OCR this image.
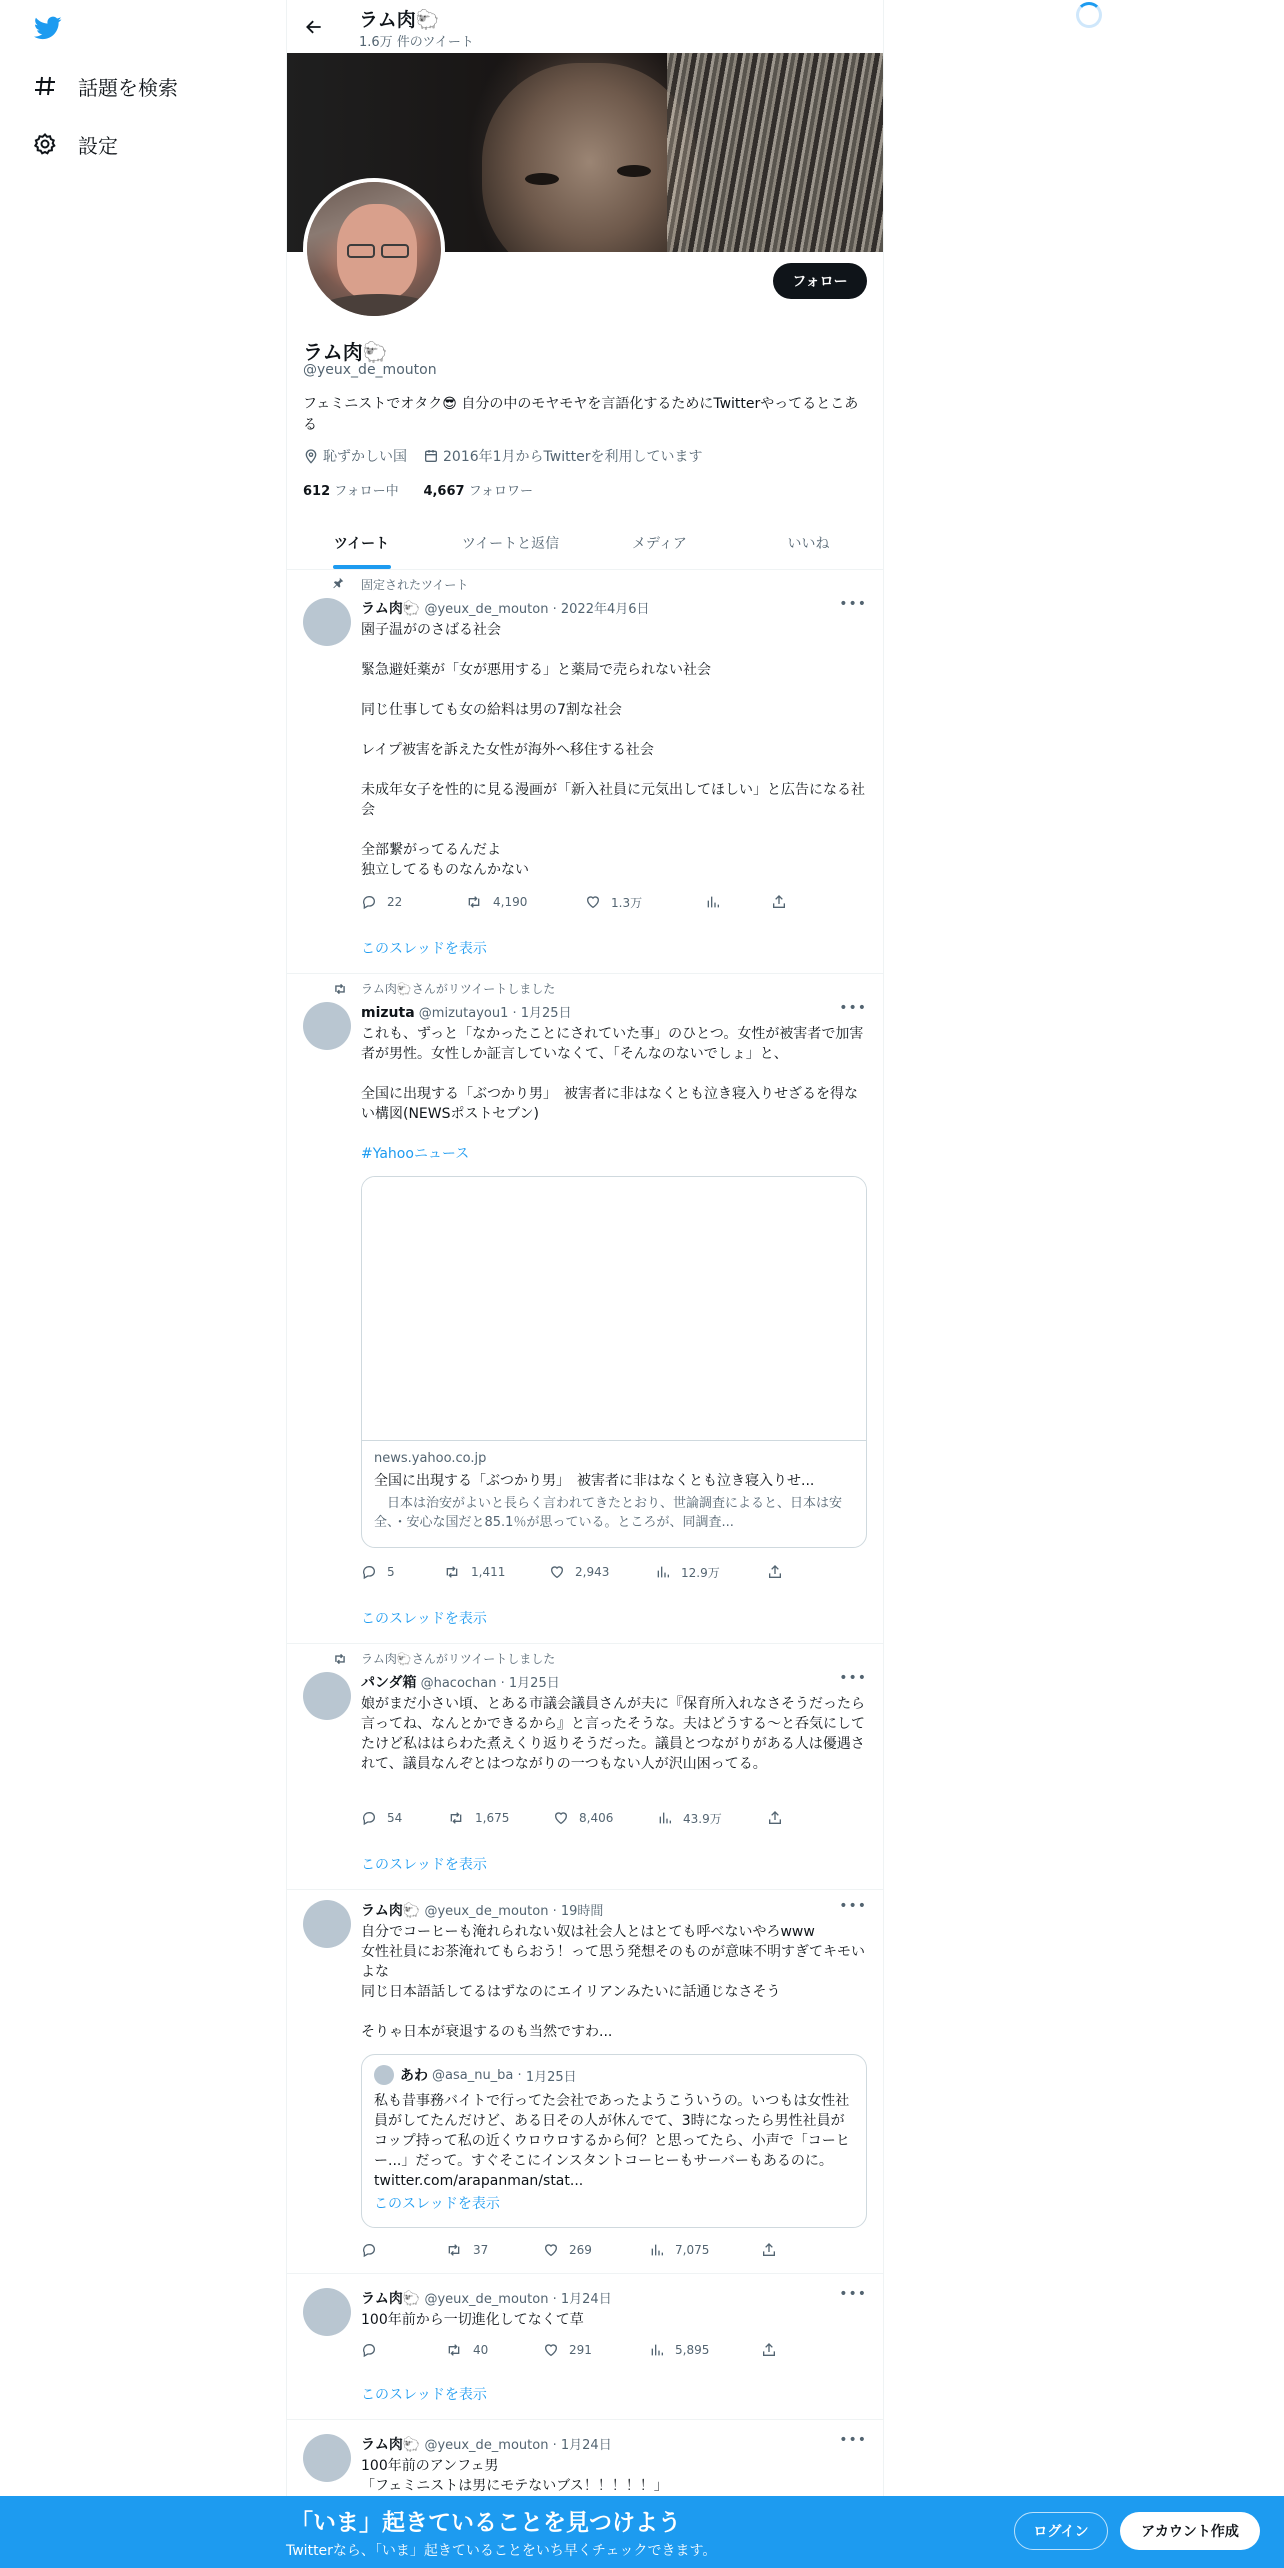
話題を検索
設定
ラム肉🐑
1.6万 件のツイート
フォロー
ラム肉🐑
@yeux_de_mouton
フェミニストでオタク😎 自分の中のモヤモヤを言語化するためにTwitterやってるとこある
恥ずかしい国	2016年1月からTwitterを利用しています
612 フォロー中 4,667 フォロワー
ツイート	ツイートと返信	メディア	いいね
固定されたツイート
ラム肉🐑 @yeux_de_mouton · 2022年4月6日	•••
園子温がのさばる社会

緊急避妊薬が「女が悪用する」と薬局で売られない社会

同じ仕事しても女の給料は男の7割な社会

レイプ被害を訴えた女性が海外へ移住する社会

未成年女子を性的に見る漫画が「新入社員に元気出してほしい」と広告になる社会

全部繋がってるんだよ
独立してるものなんかない
22	4,190	1.3万
このスレッドを表示
ラム肉🐑さんがリツイートしました
mizuta @mizutayou1 · 1月25日	•••
これも、ずっと「なかったことにされていた事」のひとつ。女性が被害者で加害者が男性。女性しか証言していなくて、「そんなのないでしょ」と、

全国に出現する「ぶつかり男」　被害者に非はなくとも泣き寝入りせざるを得ない構図(NEWSポストセブン)
#Yahooニュース
news.yahoo.co.jp
全国に出現する「ぶつかり男」　被害者に非はなくとも泣き寝入りせ...
　日本は治安がよいと長らく言われてきたとおり、世論調査によると、日本は安全、・安心な国だと85.1％が思っている。ところが、同調査...
5	1,411	2,943	12.9万
このスレッドを表示
ラム肉🐑さんがリツイートしました
パンダ箱 @hacochan · 1月25日	•••
娘がまだ小さい頃、とある市議会議員さんが夫に『保育所入れなさそうだったら言ってね、なんとかできるから』と言ったそうな。夫はどうする～と呑気にしてたけど私ははらわた煮えくり返りそうだった。議員とつながりがある人は優遇されて、議員なんぞとはつながりの一つもない人が沢山困ってる。
54	1,675	8,406	43.9万
このスレッドを表示
ラム肉🐑 @yeux_de_mouton · 19時間	•••
自分でコーヒーも淹れられない奴は社会人とはとても呼べないやろwww
女性社員にお茶淹れてもらおう！って思う発想そのものが意味不明すぎてキモいよな
同じ日本語話してるはずなのにエイリアンみたいに話通じなさそう

そりゃ日本が衰退するのも当然ですわ...
あわ @asa_nu_ba · 1月25日
私も昔事務バイトで行ってた会社であったようこういうの。いつもは女性社員がしてたんだけど、ある日その人が休んでて、3時になったら男性社員がコップ持って私の近くウロウロするから何？と思ってたら、小声で「コーヒー...」だって。すぐそこにインスタントコーヒーもサーバーもあるのに。 twitter.com/arapanman/stat...
このスレッドを表示
37	269	7,075
ラム肉🐑 @yeux_de_mouton · 1月24日	•••
100年前から一切進化してなくて草
40	291	5,895
このスレッドを表示
ラム肉🐑 @yeux_de_mouton · 1月24日	•••
100年前のアンフェ男
「フェミニストは男にモテないブス！！！！！」
「いま」起きていることを見つけよう
Twitterなら、「いま」起きていることをいち早くチェックできます。
ログイン	アカウント作成
